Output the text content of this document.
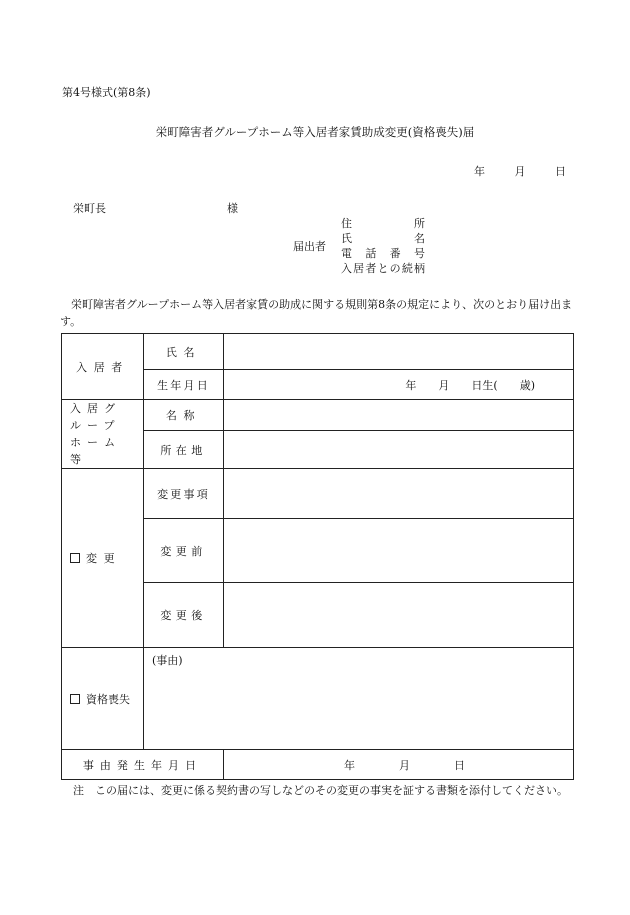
第4号様式(第8条)
栄町障害者グループホーム等入居者家賃助成変更(資格喪失)届
年	月	日
栄町長	様
届出者
住所
氏名
電話番号
入居者との続柄
栄町障害者グループホーム等入居者家賃の助成に関する規則第8条の規定により、次のとおり届け出ます。
入居者	氏名	
	生年月日	年　　月　　日生(　　歳)
入居グループホーム等	名称	
	所在地	
変更	変更事項	
	変更前	
	変更後	
資格喪失	(事由)	
事由発生年月日		年　　　　月　　　　日
注　この届には、変更に係る契約書の写しなどのその変更の事実を証する書類を添付してください。
